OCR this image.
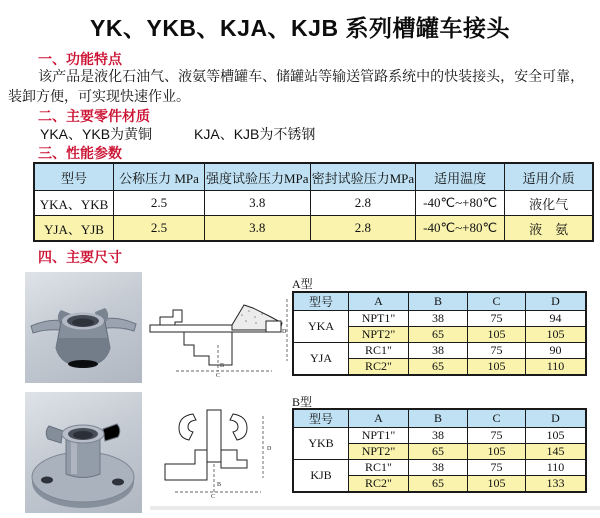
YK、YKB、KJA、KJB 系列槽罐车接头
一、功能特点
该产品是液化石油气、液氨等槽罐车、储罐站等输送管路系统中的快装接头，安全可靠，装卸方便，可实现快速作业。
二、主要零件材质
YKA、YKB为黄铜　　　KJA、KJB为不锈钢
三、性能参数
型号	公称压力 MPa	强度试验压力MPa	密封试验压力MPa	适用温度	适用介质
YKA、YKB	2.5	3.8	2.8	-40℃~+80℃	液化气
YJA、YJB	2.5	3.8	2.8	-40℃~+80℃	液　氨
四、主要尺寸
D
B
C
A型
型号	A	B	C	D
YKA	NPT1"	38	75	94
	NPT2"	65	105	105
YJA	RC1"	38	75	90
	RC2"	65	105	110
D
B
C
B型
型号	A	B	C	D
YKB	NPT1"	38	75	105
	NPT2"	65	105	145
KJB	RC1"	38	75	110
	RC2"	65	105	133
